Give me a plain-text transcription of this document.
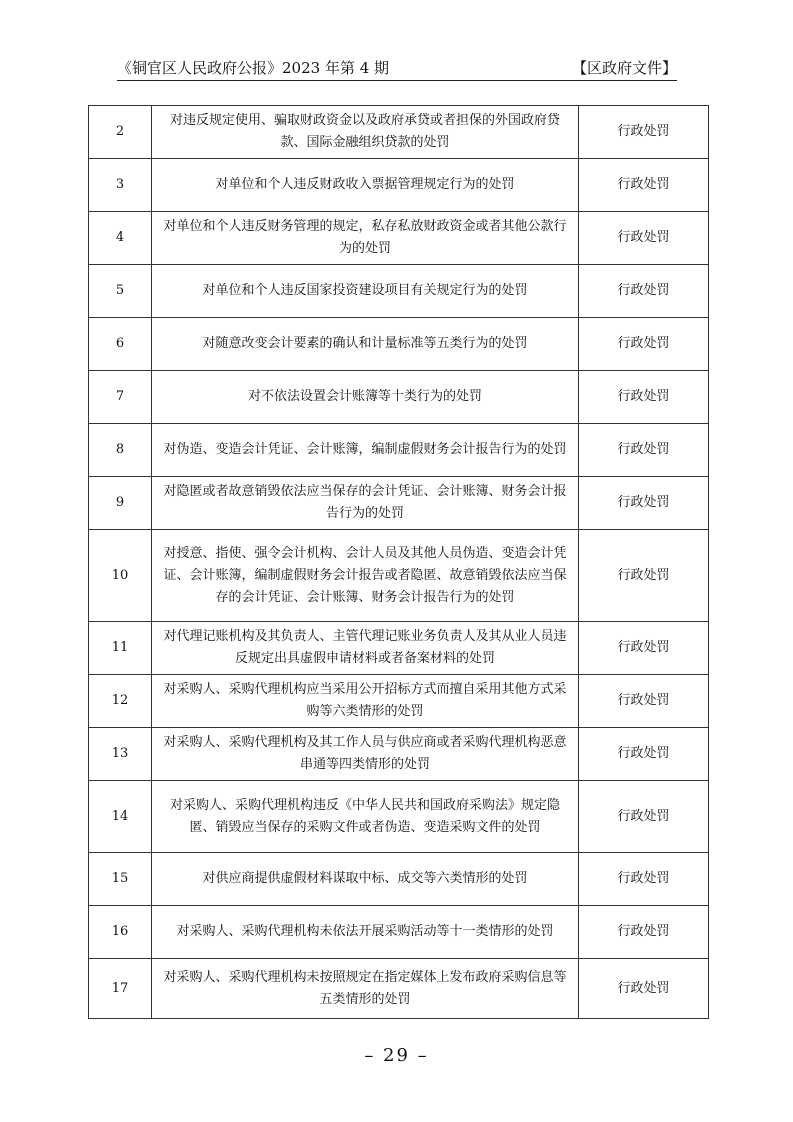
《铜官区人民政府公报》2023 年第 4 期	【区政府文件】
2	对违反规定使用、骗取财政资金以及政府承贷或者担保的外国政府贷款、国际金融组织贷款的处罚	行政处罚
3	对单位和个人违反财政收入票据管理规定行为的处罚	行政处罚
4	对单位和个人违反财务管理的规定，私存私放财政资金或者其他公款行为的处罚	行政处罚
5	对单位和个人违反国家投资建设项目有关规定行为的处罚	行政处罚
6	对随意改变会计要素的确认和计量标准等五类行为的处罚	行政处罚
7	对不依法设置会计账簿等十类行为的处罚	行政处罚
8	对伪造、变造会计凭证、会计账簿，编制虚假财务会计报告行为的处罚	行政处罚
9	对隐匿或者故意销毁依法应当保存的会计凭证、会计账簿、财务会计报告行为的处罚	行政处罚
10	对授意、指使、强令会计机构、会计人员及其他人员伪造、变造会计凭证、会计账簿，编制虚假财务会计报告或者隐匿、故意销毁依法应当保存的会计凭证、会计账簿、财务会计报告行为的处罚	行政处罚
11	对代理记账机构及其负责人、主管代理记账业务负责人及其从业人员违反规定出具虚假申请材料或者备案材料的处罚	行政处罚
12	对采购人、采购代理机构应当采用公开招标方式而擅自采用其他方式采购等六类情形的处罚	行政处罚
13	对采购人、采购代理机构及其工作人员与供应商或者采购代理机构恶意串通等四类情形的处罚	行政处罚
14	对采购人、采购代理机构违反《中华人民共和国政府采购法》规定隐匿、销毁应当保存的采购文件或者伪造、变造采购文件的处罚	行政处罚
15	对供应商提供虚假材料谋取中标、成交等六类情形的处罚	行政处罚
16	对采购人、采购代理机构未依法开展采购活动等十一类情形的处罚	行政处罚
17	对采购人、采购代理机构未按照规定在指定媒体上发布政府采购信息等五类情形的处罚	行政处罚
– 29 –
